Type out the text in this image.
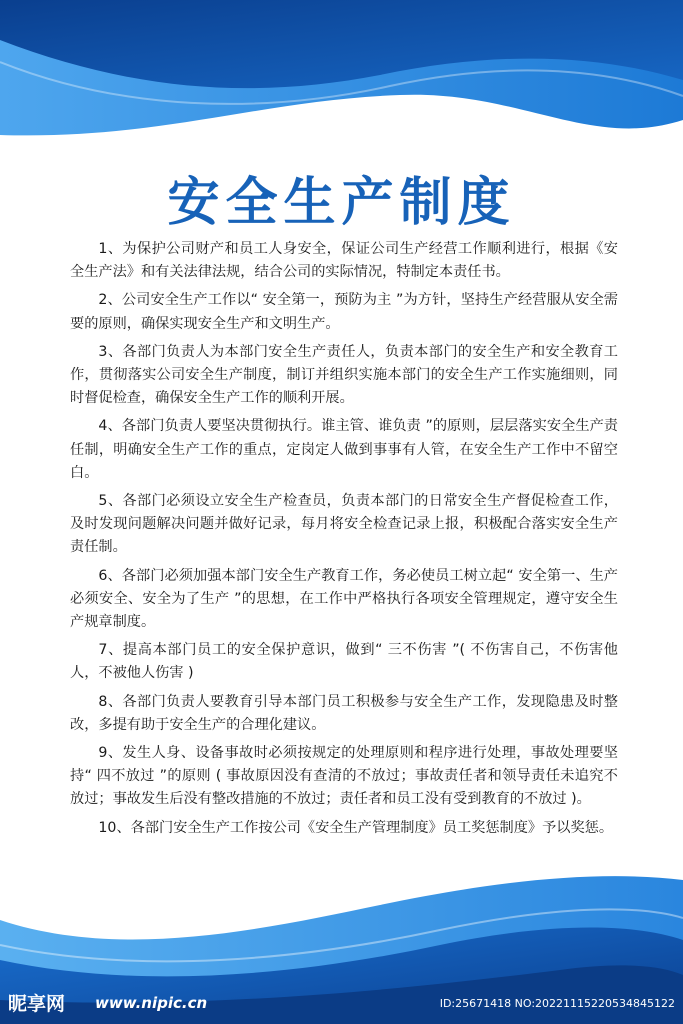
安全生产制度

1、为保护公司财产和员工人身安全，保证公司生产经营工作顺利进行，根据《安全生产法》和有关法律法规，结合公司的实际情况，特制定本责任书。

2、公司安全生产工作以“ 安全第一，预防为主 ”为方针，坚持生产经营服从安全需要的原则，确保实现安全生产和文明生产。

3、各部门负责人为本部门安全生产责任人，负责本部门的安全生产和安全教育工作，贯彻落实公司安全生产制度，制订并组织实施本部门的安全生产工作实施细则，同时督促检查，确保安全生产工作的顺利开展。

4、各部门负责人要坚决贯彻执行。谁主管、谁负责 ”的原则，层层落实安全生产责任制，明确安全生产工作的重点，定岗定人做到事事有人管，在安全生产工作中不留空白。

5、各部门必须设立安全生产检查员，负责本部门的日常安全生产督促检查工作，及时发现问题解决问题并做好记录，每月将安全检查记录上报，积极配合落实安全生产责任制。

6、各部门必须加强本部门安全生产教育工作，务必使员工树立起“ 安全第一、生产必须安全、安全为了生产 ”的思想，在工作中严格执行各项安全管理规定，遵守安全生产规章制度。

7、提高本部门员工的安全保护意识，做到“ 三不伤害 ”( 不伤害自己，不伤害他人，不被他人伤害 )

8、各部门负责人要教育引导本部门员工积极参与安全生产工作，发现隐患及时整改，多提有助于安全生产的合理化建议。

9、发生人身、设备事故时必须按规定的处理原则和程序进行处理，事故处理要坚持“ 四不放过 ”的原则 ( 事故原因没有查清的不放过；事故责任者和领导责任未追究不放过；事故发生后没有整改措施的不放过；责任者和员工没有受到教育的不放过 )。

10、各部门安全生产工作按公司《安全生产管理制度》员工奖惩制度》予以奖惩。

昵享网 www.nipic.cn	ID:25671418 NO:20221115220534845122
